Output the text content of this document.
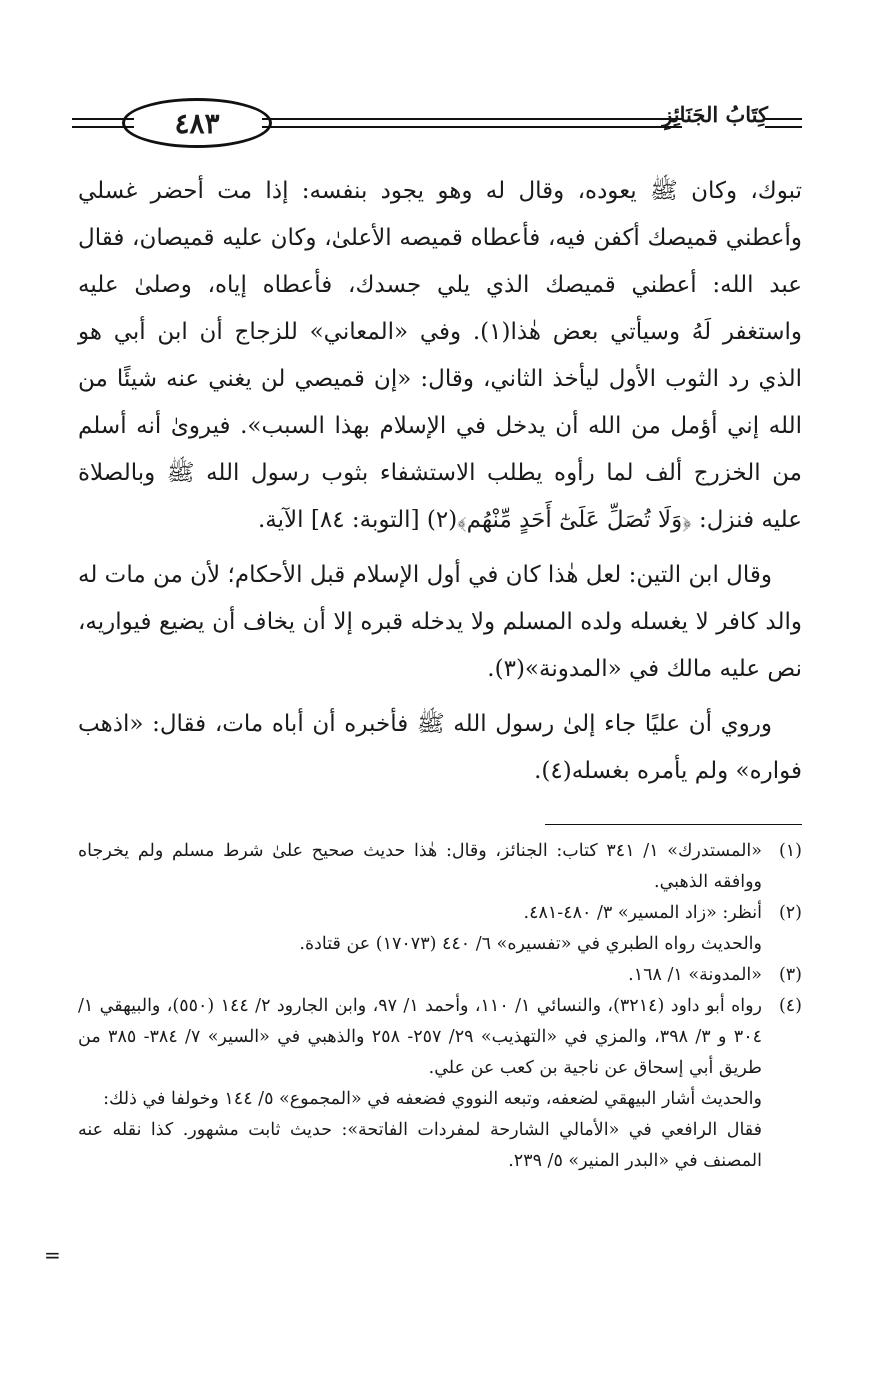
٤٨٣	كِتَابُ الجَنَائِزِ

تبوك، وكان ﷺ يعوده، وقال له وهو يجود بنفسه: إذا مت أحضر غسلي وأعطني قميصك أكفن فيه، فأعطاه قميصه الأعلىٰ، وكان عليه قميصان، فقال عبد الله: أعطني قميصك الذي يلي جسدك، فأعطاه إياه، وصلىٰ عليه واستغفر لَهُ وسيأتي بعض هٰذا(١). وفي «المعاني» للزجاج أن ابن أبي هو الذي رد الثوب الأول ليأخذ الثاني، وقال: «إن قميصي لن يغني عنه شيئًا من الله إني أؤمل من الله أن يدخل في الإسلام بهذا السبب». فيروىٰ أنه أسلم من الخزرج ألف لما رأوه يطلب الاستشفاء بثوب رسول الله ﷺ وبالصلاة عليه فنزل: ﴿وَلَا تُصَلِّ عَلَىٰٓ أَحَدٍ مِّنْهُم﴾(٢) [التوبة: ٨٤] الآية.

وقال ابن التين: لعل هٰذا كان في أول الإسلام قبل الأحكام؛ لأن من مات له والد كافر لا يغسله ولده المسلم ولا يدخله قبره إلا أن يخاف أن يضيع فيواريه، نص عليه مالك في «المدونة»(٣).

وروي أن عليًا جاء إلىٰ رسول الله ﷺ فأخبره أن أباه مات، فقال: «اذهب فواره» ولم يأمره بغسله(٤).

(١)
«المستدرك» ١/ ٣٤١ كتاب: الجنائز، وقال: هٰذا حديث صحيح علىٰ شرط مسلم ولم يخرجاه ووافقه الذهبي.
(٢)
أنظر: «زاد المسير» ٣/ ٤٨٠-٤٨١.
والحديث رواه الطبري في «تفسيره» ٦/ ٤٤٠ (١٧٠٧٣) عن قتادة.
(٣)
«المدونة» ١/ ١٦٨.
(٤)
رواه أبو داود (٣٢١٤)، والنسائي ١/ ١١٠، وأحمد ١/ ٩٧، وابن الجارود ٢/ ١٤٤ (٥٥٠)، والبيهقي ١/ ٣٠٤ و ٣/ ٣٩٨، والمزي في «التهذيب» ٢٩/ ٢٥٧- ٢٥٨ والذهبي في «السير» ٧/ ٣٨٤- ٣٨٥ من طريق أبي إسحاق عن ناجية بن كعب عن علي.
والحديث أشار البيهقي لضعفه، وتبعه النووي فضعفه في «المجموع» ٥/ ١٤٤ وخولفا في ذلك:
فقال الرافعي في «الأمالي الشارحة لمفردات الفاتحة»: حديث ثابت مشهور. كذا نقله عنه المصنف في «البدر المنير» ٥/ ٢٣٩.
=
